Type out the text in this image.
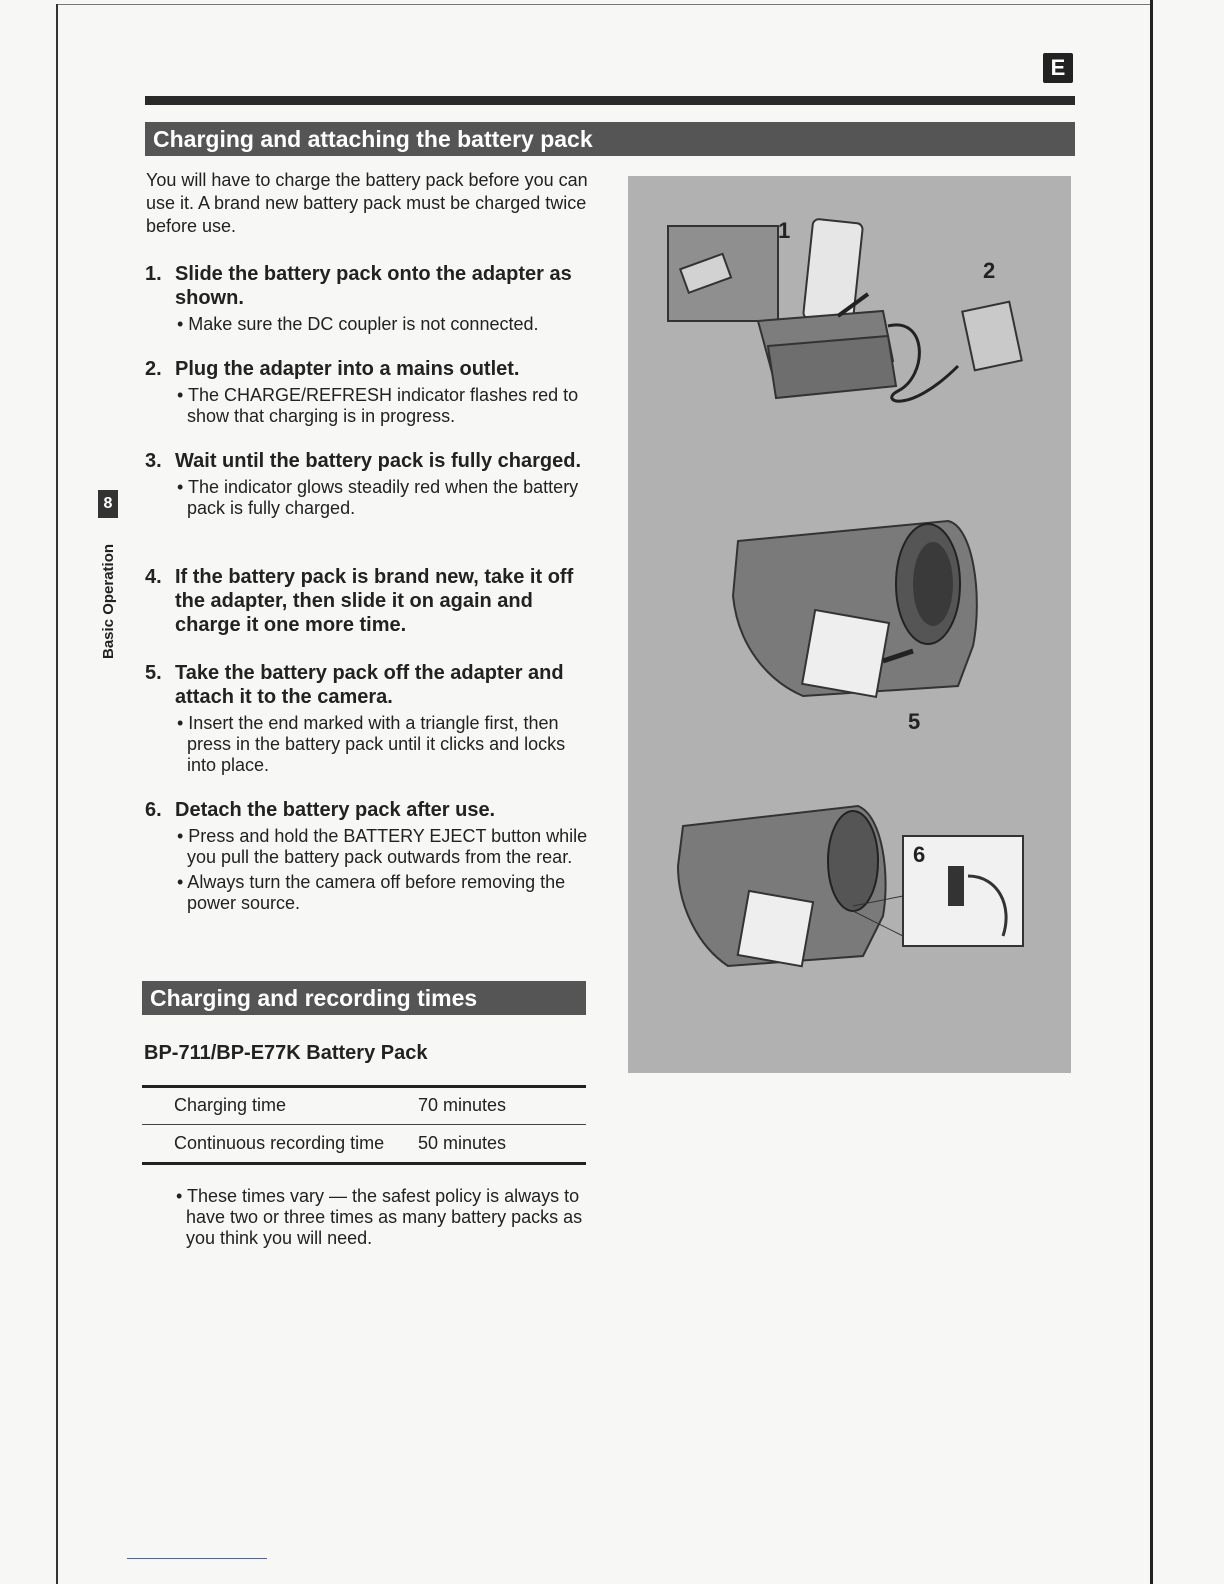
E
Charging and attaching the battery pack
You will have to charge the battery pack before you can use it. A brand new battery pack must be charged twice before use.
1. Slide the battery pack onto the adapter as shown.
• Make sure the DC coupler is not connected.
2. Plug the adapter into a mains outlet.
• The CHARGE/REFRESH indicator flashes red to show that charging is in progress.
3. Wait until the battery pack is fully charged.
• The indicator glows steadily red when the battery pack is fully charged.
4. If the battery pack is brand new, take it off the adapter, then slide it on again and charge it one more time.
5. Take the battery pack off the adapter and attach it to the camera.
• Insert the end marked with a triangle first, then press in the battery pack until it clicks and locks into place.
6. Detach the battery pack after use.
• Press and hold the BATTERY EJECT button while you pull the battery pack outwards from the rear.
• Always turn the camera off before removing the power source.
8
Basic Operation
Charging and recording times
BP-711/BP-E77K Battery Pack
Charging time	70 minutes
Continuous recording time 50 minutes
• These times vary — the safest policy is always to have two or three times as many battery packs as you think you will need.
1
2
5
6
